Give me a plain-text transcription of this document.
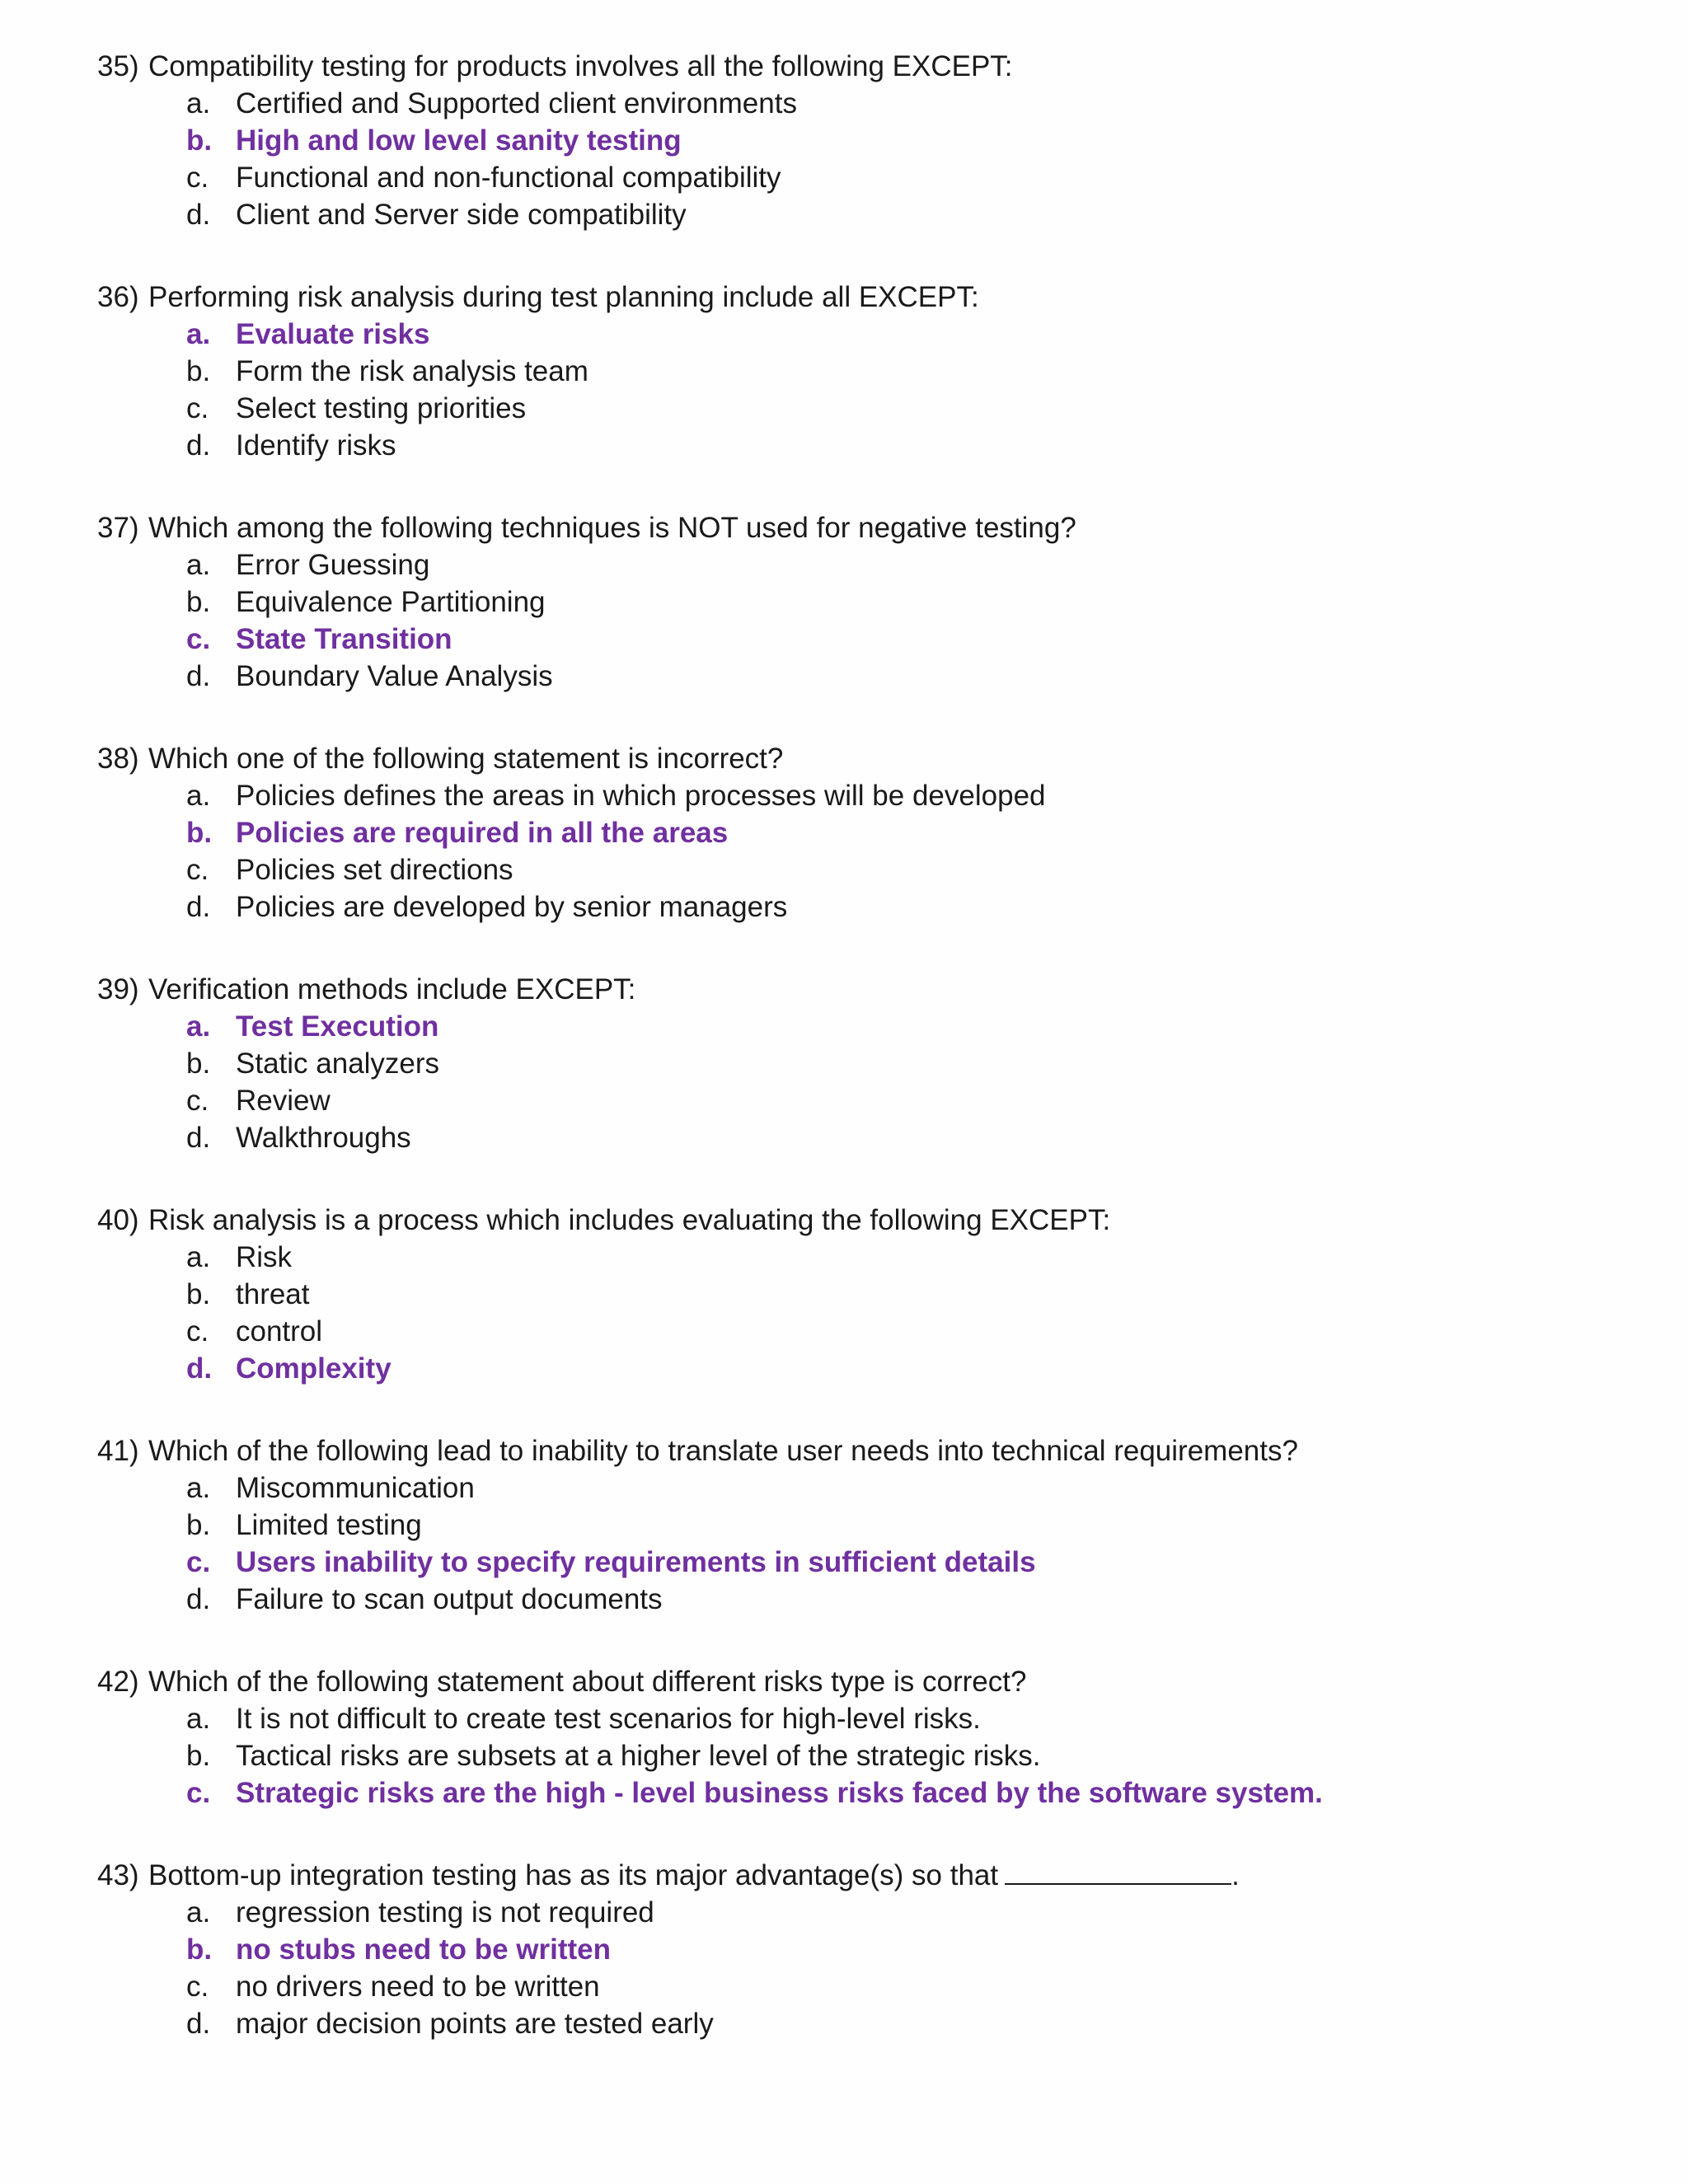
35) Compatibility testing for products involves all the following EXCEPT:
a. Certified and Supported client environments
b. High and low level sanity testing
c. Functional and non-functional compatibility
d. Client and Server side compatibility
36) Performing risk analysis during test planning include all EXCEPT:
a. Evaluate risks
b. Form the risk analysis team
c. Select testing priorities
d. Identify risks
37) Which among the following techniques is NOT used for negative testing?
a. Error Guessing
b. Equivalence Partitioning
c. State Transition
d. Boundary Value Analysis
38) Which one of the following statement is incorrect?
a. Policies defines the areas in which processes will be developed
b. Policies are required in all the areas
c. Policies set directions
d. Policies are developed by senior managers
39) Verification methods include EXCEPT:
a. Test Execution
b. Static analyzers
c. Review
d. Walkthroughs
40) Risk analysis is a process which includes evaluating the following EXCEPT:
a. Risk
b. threat
c. control
d. Complexity
41) Which of the following lead to inability to translate user needs into technical requirements?
a. Miscommunication
b. Limited testing
c. Users inability to specify requirements in sufficient details
d. Failure to scan output documents
42) Which of the following statement about different risks type is correct?
a. It is not difficult to create test scenarios for high-level risks.
b. Tactical risks are subsets at a higher level of the strategic risks.
c. Strategic risks are the high - level business risks faced by the software system.
43) Bottom-up integration testing has as its major advantage(s) so that	.
a. regression testing is not required
b. no stubs need to be written
c. no drivers need to be written
d. major decision points are tested early
